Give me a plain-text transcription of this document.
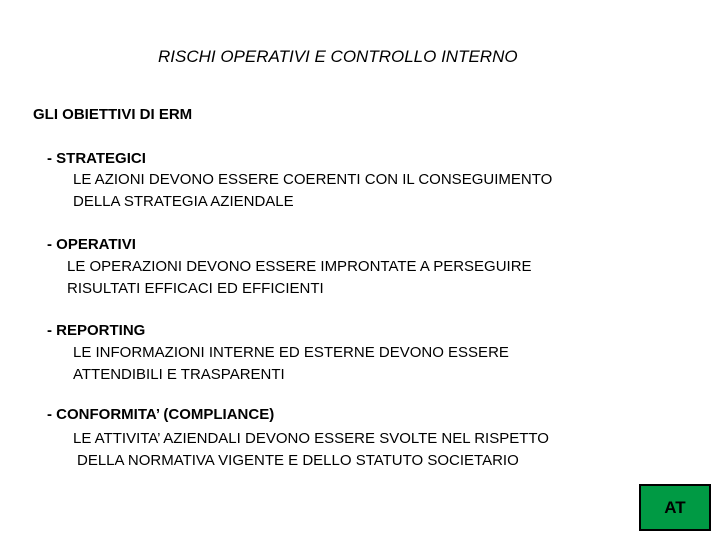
RISCHI OPERATIVI E CONTROLLO INTERNO
GLI OBIETTIVI DI ERM
- STRATEGICI
LE AZIONI DEVONO ESSERE COERENTI CON IL CONSEGUIMENTO
DELLA STRATEGIA AZIENDALE
- OPERATIVI
LE OPERAZIONI DEVONO ESSERE IMPRONTATE A PERSEGUIRE
RISULTATI EFFICACI ED EFFICIENTI
- REPORTING
LE INFORMAZIONI INTERNE ED ESTERNE DEVONO ESSERE
ATTENDIBILI E TRASPARENTI
- CONFORMITA’ (COMPLIANCE)
LE ATTIVITA’ AZIENDALI DEVONO ESSERE SVOLTE NEL RISPETTO
DELLA NORMATIVA VIGENTE E DELLO STATUTO SOCIETARIO
AT
